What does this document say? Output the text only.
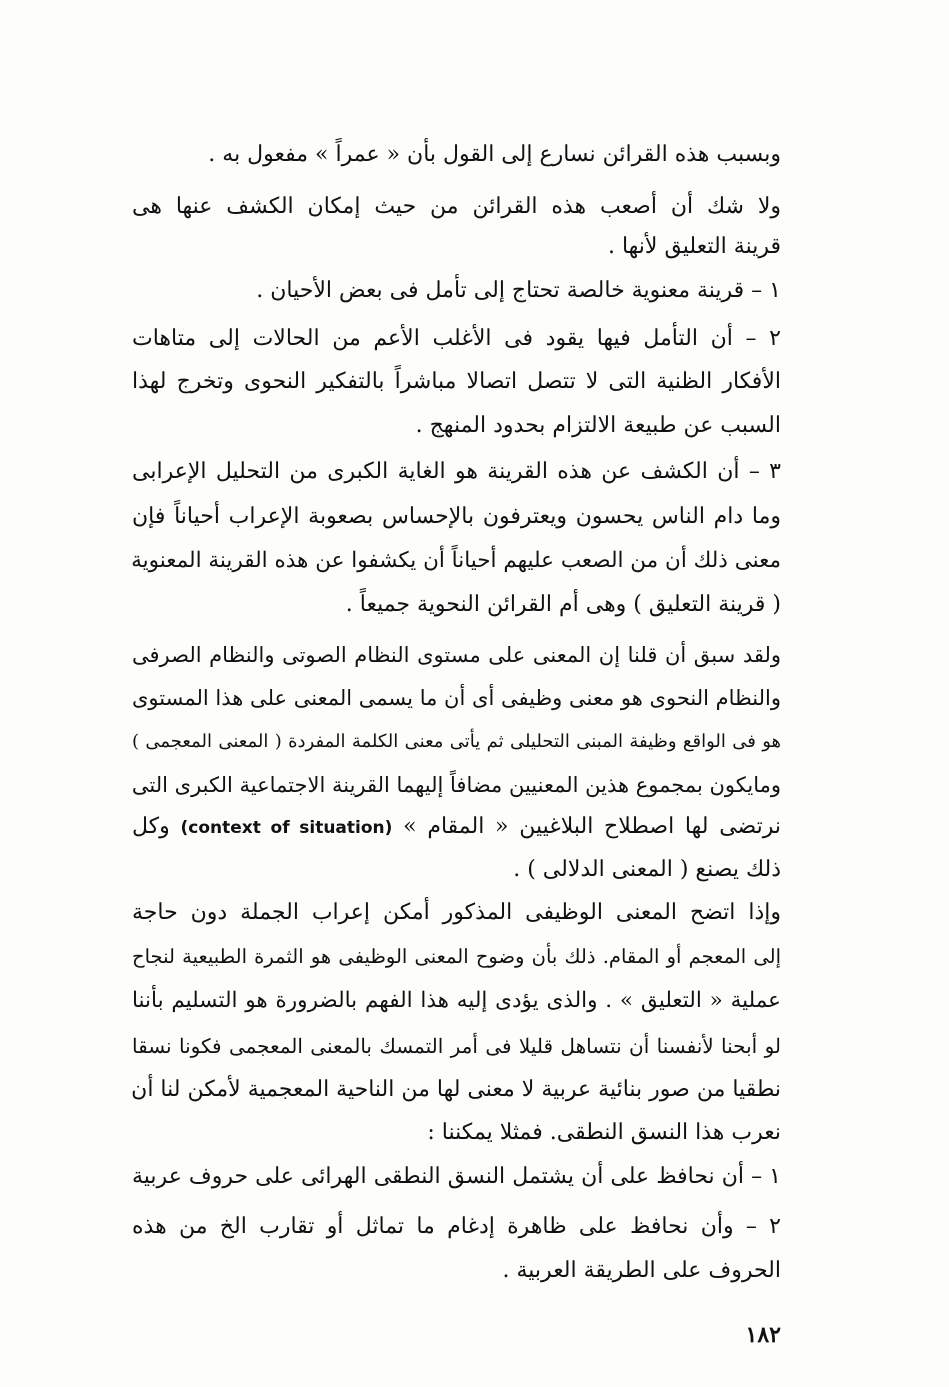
وبسبب هذه القرائن نسارع إلى القول بأن « عمراً » مفعول به .
ولا شك أن أصعب هذه القرائن من حيث إمكان الكشف عنها هى
قرينة التعليق لأنها .
١ – قرينة معنوية خالصة تحتاج إلى تأمل فى بعض الأحيان .
٢ – أن التأمل فيها يقود فى الأغلب الأعم من الحالات إلى متاهات
الأفكار الظنية التى لا تتصل اتصالا مباشراً بالتفكير النحوى وتخرج لهذا
السبب عن طبيعة الالتزام بحدود المنهج .
٣ – أن الكشف عن هذه القرينة هو الغاية الكبرى من التحليل الإعرابى
وما دام الناس يحسون ويعترفون بالإحساس بصعوبة الإعراب أحياناً فإن
معنى ذلك أن من الصعب عليهم أحياناً أن يكشفوا عن هذه القرينة المعنوية
( قرينة التعليق ) وهى أم القرائن النحوية جميعاً .
ولقد سبق أن قلنا إن المعنى على مستوى النظام الصوتى والنظام الصرفى
والنظام النحوى هو معنى وظيفى أى أن ما يسمى المعنى على هذا المستوى
هو فى الواقع وظيفة المبنى التحليلى ثم يأتى معنى الكلمة المفردة ( المعنى المعجمى )
ومايكون بمجموع هذين المعنيين مضافاً إليهما القرينة الاجتماعية الكبرى التى
نرتضى لها اصطلاح البلاغيين « المقام » (context of situation) وكل
ذلك يصنع ( المعنى الدلالى ) .
وإذا اتضح المعنى الوظيفى المذكور أمكن إعراب الجملة دون حاجة
إلى المعجم أو المقام. ذلك بأن وضوح المعنى الوظيفى هو الثمرة الطبيعية لنجاح
عملية « التعليق » . والذى يؤدى إليه هذا الفهم بالضرورة هو التسليم بأننا
لو أبحنا لأنفسنا أن نتساهل قليلا فى أمر التمسك بالمعنى المعجمى فكونا نسقا
نطقيا من صور بنائية عربية لا معنى لها من الناحية المعجمية لأمكن لنا أن
نعرب هذا النسق النطقى. فمثلا يمكننا :
١ – أن نحافظ على أن يشتمل النسق النطقى الهرائى على حروف عربية
٢ – وأن نحافظ على ظاهرة إدغام ما تماثل أو تقارب الخ من هذه
الحروف على الطريقة العربية .
١٨٢
